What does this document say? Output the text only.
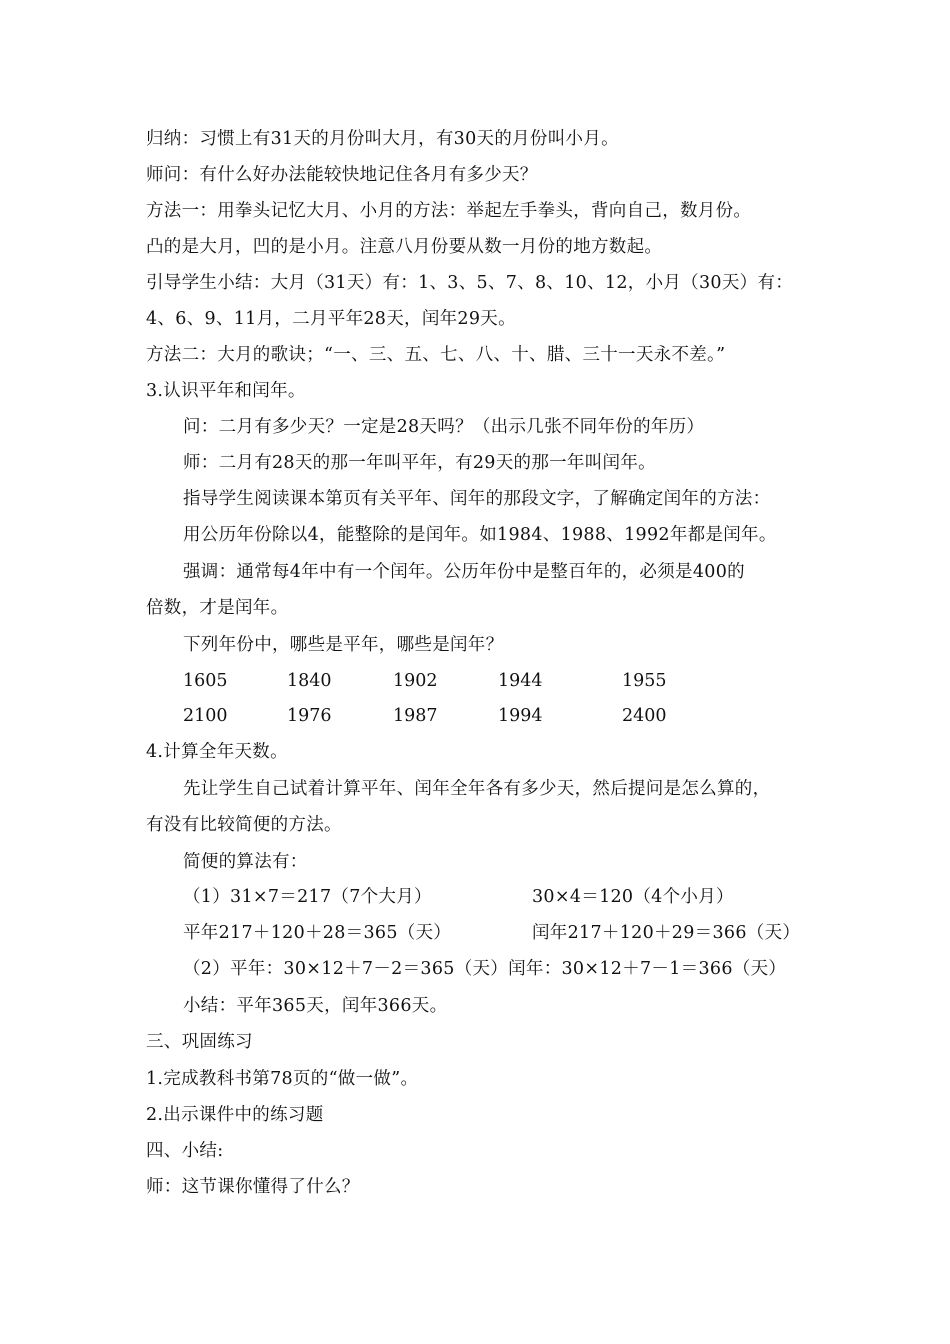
归纳：习惯上有31天的月份叫大月，有30天的月份叫小月。
师问：有什么好办法能较快地记住各月有多少天？
方法一：用拳头记忆大月、小月的方法：举起左手拳头，背向自己，数月份。
凸的是大月，凹的是小月。注意八月份要从数一月份的地方数起。
引导学生小结：大月（31天）有：1、3、5、7、8、10、12，小月（30天）有：
4、6、9、11月，二月平年28天，闰年29天。
方法二：大月的歌诀；“一、三、五、七、八、十、腊、三十一天永不差。”
3.认识平年和闰年。
问：二月有多少天？一定是28天吗？（出示几张不同年份的年历）
师：二月有28天的那一年叫平年，有29天的那一年叫闰年。
指导学生阅读课本第页有关平年、闰年的那段文字，了解确定闰年的方法：
用公历年份除以4，能整除的是闰年。如1984、1988、1992年都是闰年。
强调：通常每4年中有一个闰年。公历年份中是整百年的，必须是400的
倍数，才是闰年。
下列年份中，哪些是平年，哪些是闰年？
1605	1840	1902	1944	1955
2100	1976	1987	1994	2400
4.计算全年天数。
先让学生自己试着计算平年、闰年全年各有多少天，然后提问是怎么算的，
有没有比较简便的方法。
简便的算法有：
（1）31×7＝217（7个大月）	30×4＝120（4个小月）
平年217＋120＋28＝365（天）	闰年217＋120＋29＝366（天）
（2）平年：30×12＋7－2＝365（天）闰年：30×12＋7－1＝366（天）
小结：平年365天，闰年366天。
三、巩固练习
1.完成教科书第78页的“做一做”。
2.出示课件中的练习题
四、小结:
师：这节课你懂得了什么？
